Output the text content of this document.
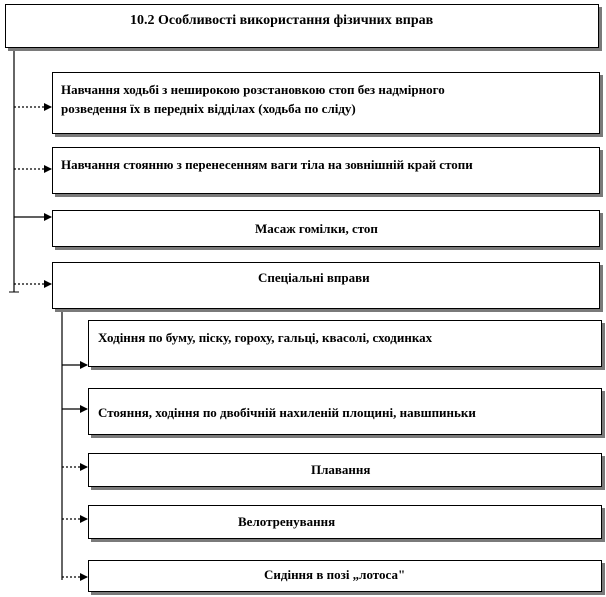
10.2 Особливості використання фізичних вправ
Навчання ходьбі з неширокою розстановкою стоп без надмірного
розведення їх в передніх відділах (ходьба по сліду)
Навчання стоянню з перенесенням ваги тіла на зовнішній край стопи
Масаж гомілки, стоп
Спеціальні вправи
Ходіння по буму, піску, гороху, гальці, квасолі, сходинках
Стояння, ходіння по двобічній нахиленій площині, навшпиньки
Плавання
Велотренування
Сидіння в позі „лотоса"
